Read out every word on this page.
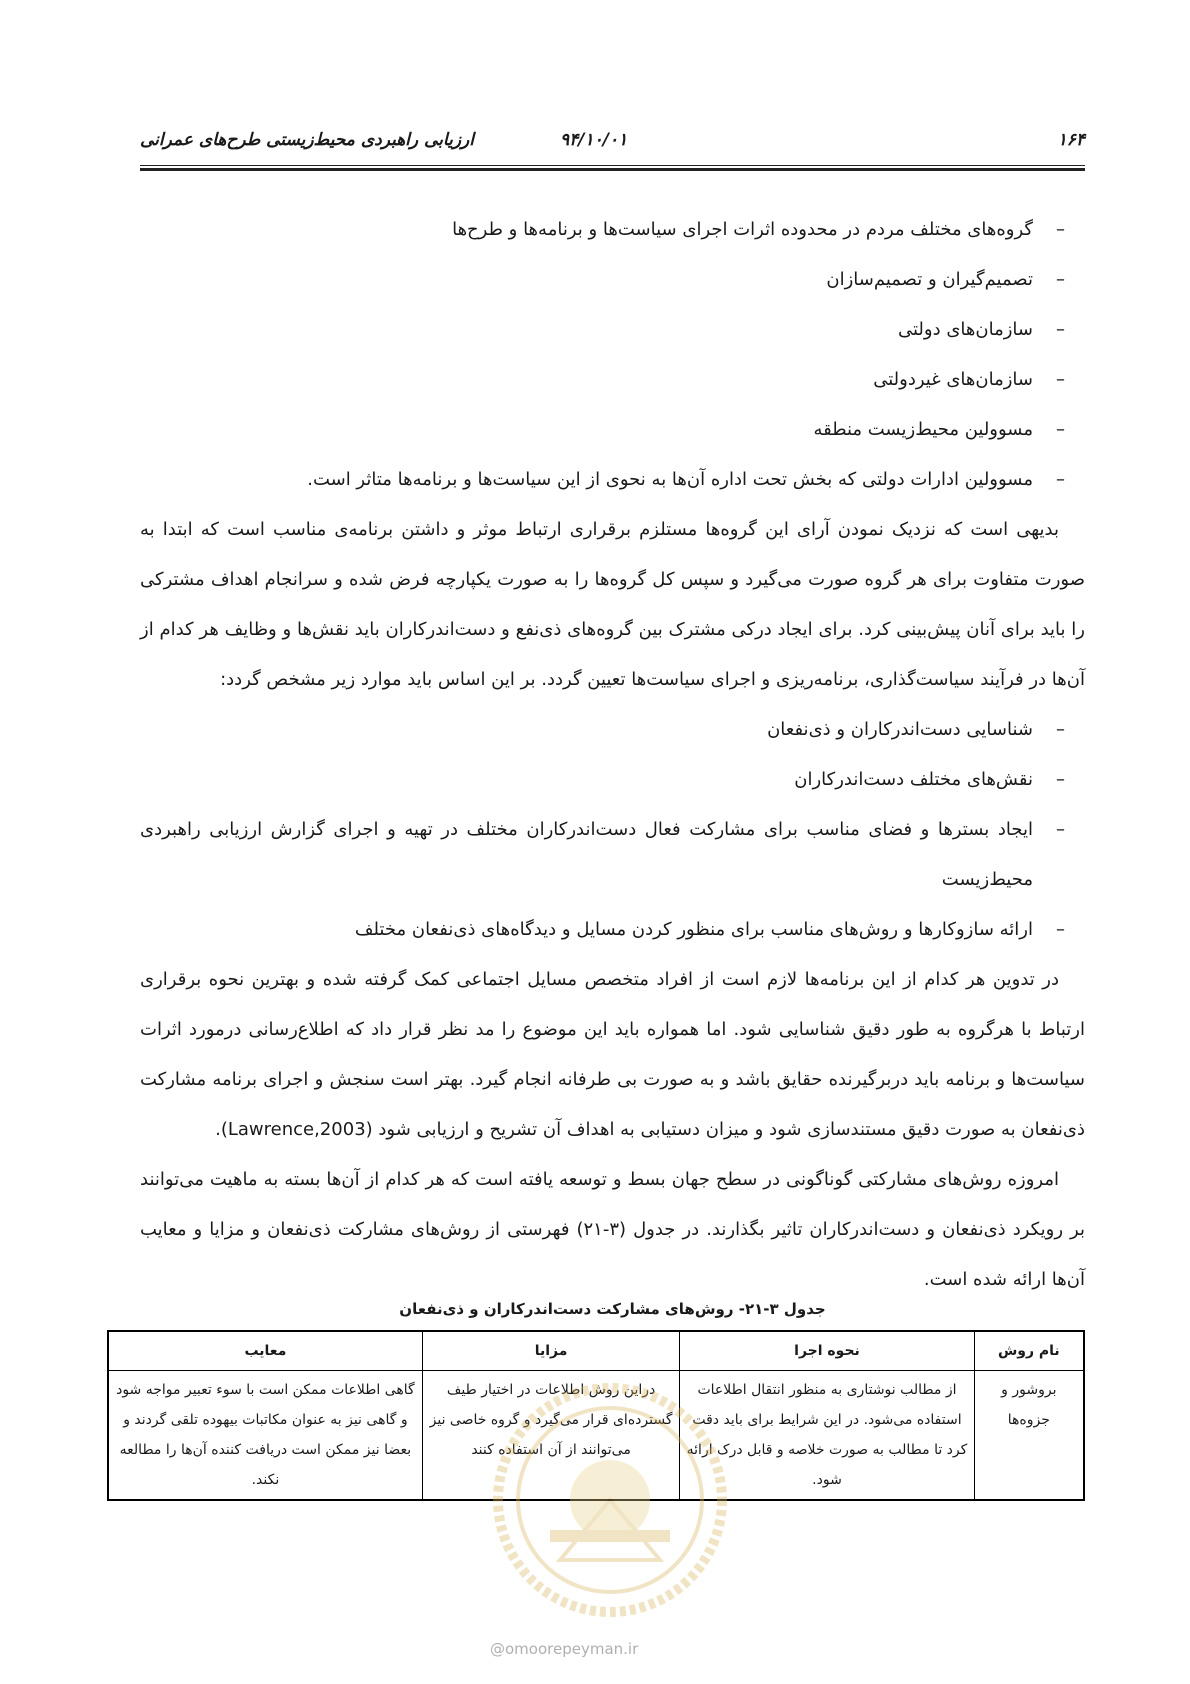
۱۶۴
۹۴/۱۰/۰۱
ارزیابی راهبردی محیط‌زیستی طرح‌های عمرانی
–
گروه‌های مختلف مردم در محدوده اثرات اجرای سیاست‌ها و برنامه‌ها و طرح‌ها
–
تصمیم‌گیران و تصمیم‌سازان
–
سازمان‌های دولتی
–
سازمان‌های غیردولتی
–
مسوولین محیط‌زیست منطقه
–
مسوولین ادارات دولتی که بخش تحت اداره آن‌ها به نحوی از این سیاست‌ها و برنامه‌ها متاثر است.

بدیهی است که نزدیک نمودن آرای این گروه‌ها مستلزم برقراری ارتباط موثر و داشتن برنامه‌ی مناسب است که ابتدا به صورت متفاوت برای هر گروه صورت می‌گیرد و سپس کل گروه‌ها را به صورت یکپارچه فرض شده و سرانجام اهداف مشترکی را باید برای آنان پیش‌بینی کرد. برای ایجاد درکی مشترک بین گروه‌های ذی‌نفع و دست‌اندرکاران باید نقش‌ها و وظایف هر کدام از آن‌ها در فرآیند سیاست‌گذاری، برنامه‌ریزی و اجرای سیاست‌ها تعیین گردد. بر این اساس باید موارد زیر مشخص گردد:

–
شناسایی دست‌اندرکاران و ذی‌نفعان
–
نقش‌های مختلف دست‌اندرکاران
–
ایجاد بسترها و فضای مناسب برای مشارکت فعال دست‌اندرکاران مختلف در تهیه و اجرای گزارش ارزیابی راهبردی محیط‌زیست
–
ارائه سازوکارها و روش‌های مناسب برای منظور کردن مسایل و دیدگاه‌های ذی‌نفعان مختلف

در تدوین هر کدام از این برنامه‌ها لازم است از افراد متخصص مسایل اجتماعی کمک گرفته شده و بهترین نحوه برقراری ارتباط با هرگروه به طور دقیق شناسایی شود. اما همواره باید این موضوع را مد نظر قرار داد که اطلاع‌رسانی درمورد اثرات سیاست‌ها و برنامه باید دربرگیرنده حقایق باشد و به صورت بی طرفانه انجام گیرد. بهتر است سنجش و اجرای برنامه مشارکت ذی‌نفعان به صورت دقیق مستندسازی شود و میزان دستیابی به اهداف آن تشریح و ارزیابی شود (Lawrence,2003).

امروزه روش‌های مشارکتی گوناگونی در سطح جهان بسط و توسعه یافته است که هر کدام از آن‌ها بسته به ماهیت می‌توانند بر رویکرد ذی‌نفعان و دست‌اندرکاران تاثیر بگذارند. در جدول (۳-۲۱) فهرستی از روش‌های مشارکت ذی‌نفعان و مزایا و معایب آن‌ها ارائه شده است.

جدول ۳-۲۱- روش‌های مشارکت دست‌اندرکاران و ذی‌نفعان
نام روش	نحوه اجرا	مزایا	معایب
بروشور و جزوه‌ها	از مطالب نوشتاری به منظور انتقال اطلاعات استفاده می‌شود. در این شرایط برای باید دقت کرد تا مطالب به صورت خلاصه و قابل درک ارائه شود.	دراین روش اطلاعات در اختیار طیف گسترده‌ای قرار می‌گیرد و گروه خاصی نیز می‌توانند از آن استفاده کنند	گاهی اطلاعات ممکن است با سوء تعبیر مواجه شود و گاهی نیز به عنوان مکاتبات بیهوده تلقی گردند و بعضا نیز ممکن است دریافت کننده آن‌ها را مطالعه نکند.
@omoorepeyman.ir
